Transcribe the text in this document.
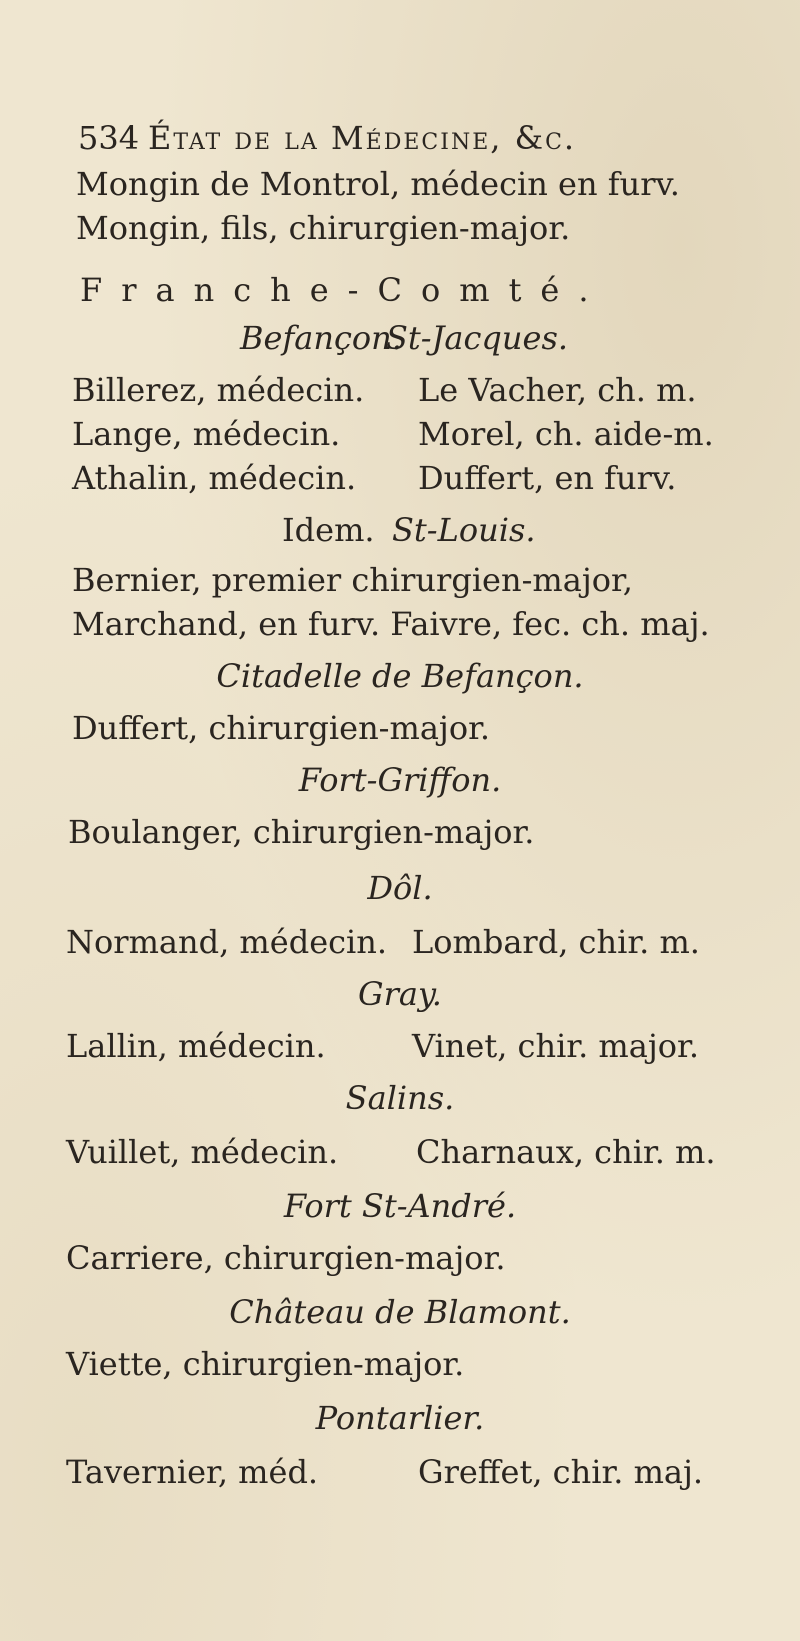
534 État de la Médecine, &c.
Mongin de Montrol, médecin en furv.
Mongin, fils, chirurgien-major.
Franche-Comté.
Befançon.
St-Jacques.
Billerez, médecin. Le Vacher, ch. m.
Lange, médecin. Morel, ch. aide-m.
Athalin, médecin. Duffert, en furv.
Idem. St-Louis.
Bernier, premier chirurgien-major,
Marchand, en furv. Faivre, fec. ch. maj.
Citadelle de Befançon.
Duffert, chirurgien-major.
Fort-Griffon.
Boulanger, chirurgien-major.
Dôl.
Normand, médecin. Lombard, chir. m.
Gray.
Lallin, médecin.	Vinet, chir. major.
Salins.
Vuillet, médecin. Charnaux, chir. m.
Fort St-André.
Carriere, chirurgien-major.
Château de Blamont.
Viette, chirurgien-major.
Pontarlier.
Tavernier, méd.	Greffet, chir. maj.
